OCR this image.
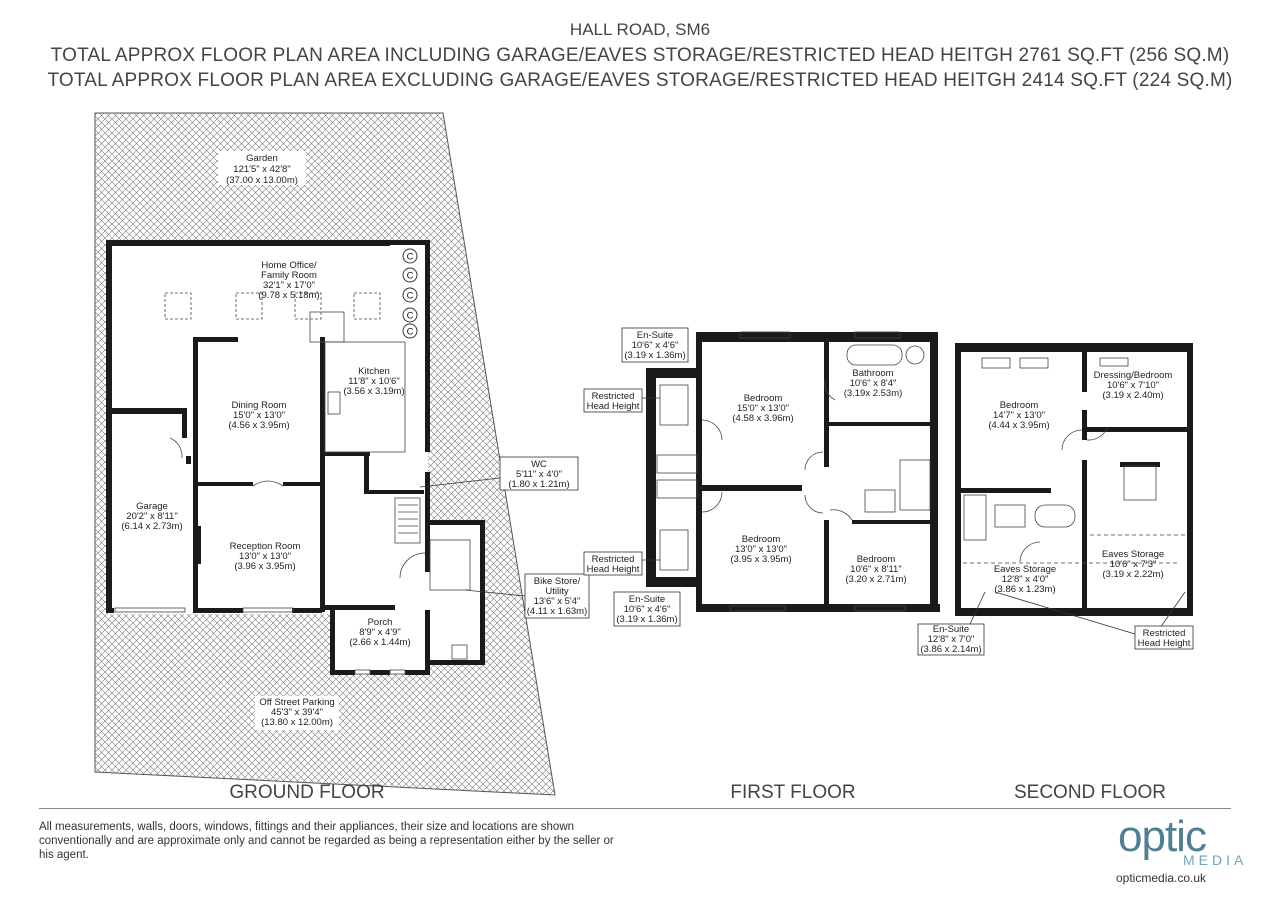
HALL ROAD, SM6
TOTAL APPROX FLOOR PLAN AREA INCLUDING GARAGE/EAVES STORAGE/RESTRICTED HEAD HEITGH 2761 SQ.FT (256 SQ.M)
TOTAL APPROX FLOOR PLAN AREA EXCLUDING GARAGE/EAVES STORAGE/RESTRICTED HEAD HEITGH 2414 SQ.FT (224 SQ.M)
C
C
C
C
C
Garden
121'5" x 42'8"
(37.00 x 13.00m)
Home Office/
Family Room
32'1" x 17'0"
(9.78 x 5.18m)
Kitchen
11'8" x 10'6"
(3.56 x 3.19m)
Dining Room
15'0" x 13'0"
(4.56 x 3.95m)
Garage
20'2" x 8'11"
(6.14 x 2.73m)
Reception Room
13'0" x 13'0"
(3.96 x 3.95m)
Porch
8'9" x 4'9"
(2.66 x 1.44m)
Off Street Parking
45'3" x 39'4"
(13.80 x 12.00m)
WC
5'11" x 4'0"
(1.80 x 1.21m)
Bike Store/
Utility
13'6" x 5'4"
(4.11 x 1.63m)
En-Suite
10'6" x 4'6"
(3.19 x 1.36m)
Restricted
Head Height
Bedroom
15'0" x 13'0"
(4.58 x 3.96m)
Bathroom
10'6" x 8'4"
(3.19x 2.53m)
Bedroom
13'0" x 13'0"
(3.95 x 3.95m)	Bedroom
10'6" x 8'11"
(3.20 x 2.71m)
Restricted
Head Height
En-Suite
10'6" x 4'6"
(3.19 x 1.36m)
Bedroom
14'7" x 13'0"
(4.44 x 3.95m)
Dressing/Bedroom
10'6" x 7'10"
(3.19 x 2.40m)
Eaves Storage
12'8" x 4'0"
(3.86 x 1.23m)
Eaves Storage
10'6" x 7'3"
(3.19 x 2.22m)
En-Suite
12'8" x 7'0"
(3.86 x 2.14m)
Restricted
Head Height
GROUND FLOOR	FIRST FLOOR	SECOND FLOOR
All measurements, walls, doors, windows, fittings and their appliances, their size and locations are shown conventionally and are approximate only and cannot be regarded as being a representation either by the seller or his agent.	optic
MEDIA
opticmedia.co.uk
